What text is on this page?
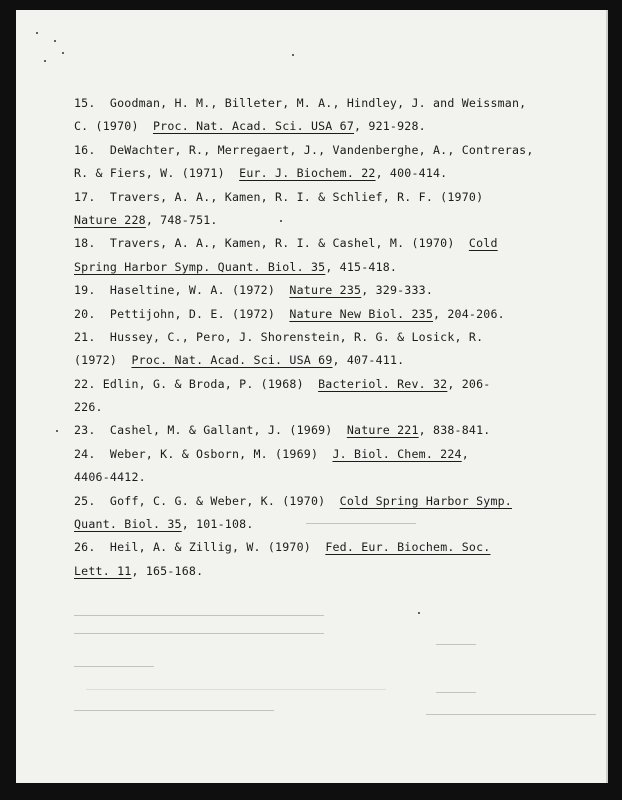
15.  Goodman, H. M., Billeter, M. A., Hindley, J. and Weissman,
C. (1970)  Proc. Nat. Acad. Sci. USA 67, 921-928.
16.  DeWachter, R., Merregaert, J., Vandenberghe, A., Contreras,
R. & Fiers, W. (1971)  Eur. J. Biochem. 22, 400-414.
17.  Travers, A. A., Kamen, R. I. & Schlief, R. F. (1970)
Nature 228, 748-751.
18.  Travers, A. A., Kamen, R. I. & Cashel, M. (1970)  Cold
Spring Harbor Symp. Quant. Biol. 35, 415-418.
19.  Haseltine, W. A. (1972)  Nature 235, 329-333.
20.  Pettijohn, D. E. (1972)  Nature New Biol. 235, 204-206.
21.  Hussey, C., Pero, J. Shorenstein, R. G. & Losick, R.
(1972)  Proc. Nat. Acad. Sci. USA 69, 407-411.
22. Edlin, G. & Broda, P. (1968)  Bacteriol. Rev. 32, 206-
226.
23.  Cashel, M. & Gallant, J. (1969)  Nature 221, 838-841.
24.  Weber, K. & Osborn, M. (1969)  J. Biol. Chem. 224,
4406-4412.
25.  Goff, C. G. & Weber, K. (1970)  Cold Spring Harbor Symp.
Quant. Biol. 35, 101-108.
26.  Heil, A. & Zillig, W. (1970)  Fed. Eur. Biochem. Soc.
Lett. 11, 165-168.
